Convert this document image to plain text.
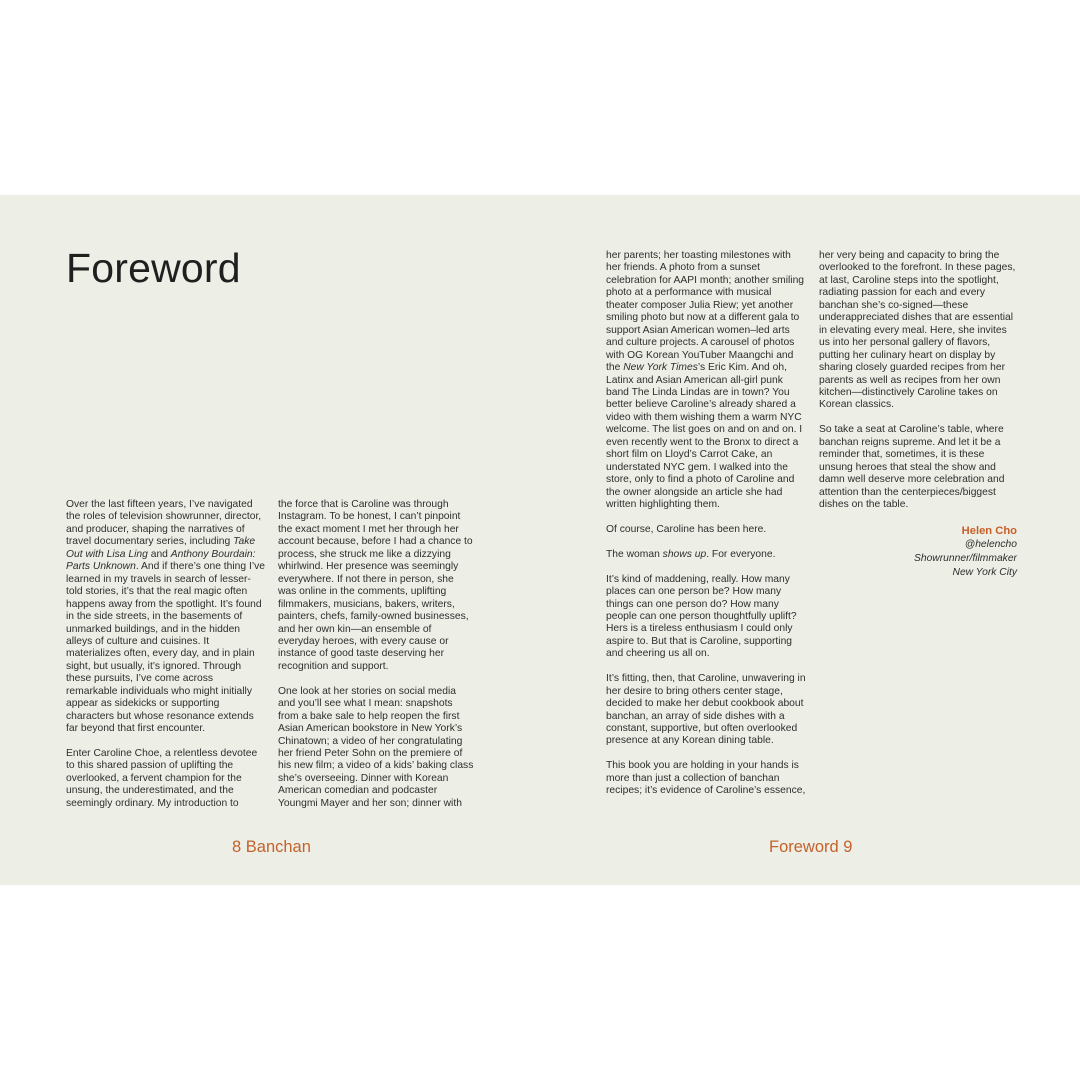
Foreword

Over the last fifteen years, I’ve navigated the roles of television showrunner, director, and producer, shaping the narratives of travel documentary series, including Take Out with Lisa Ling and Anthony Bourdain: Parts Unknown. And if there’s one thing I’ve learned in my travels in search of lesser-told stories, it’s that the real magic often happens away from the spotlight. It’s found in the side streets, in the basements of unmarked buildings, and in the hidden alleys of culture and cuisines. It materializes often, every day, and in plain sight, but usually, it’s ignored. Through these pursuits, I’ve come across remarkable individuals who might initially appear as sidekicks or supporting characters but whose resonance extends far beyond that first encounter.

Enter Caroline Choe, a relentless devotee to this shared passion of uplifting the overlooked, a fervent champion for the unsung, the underestimated, and the seemingly ordinary. My introduction to

the force that is Caroline was through Instagram. To be honest, I can’t pinpoint the exact moment I met her through her account because, before I had a chance to process, she struck me like a dizzying whirlwind. Her presence was seemingly everywhere. If not there in person, she was online in the comments, uplifting filmmakers, musicians, bakers, writers, painters, chefs, family-owned businesses, and her own kin—an ensemble of everyday heroes, with every cause or instance of good taste deserving her recognition and support.

One look at her stories on social media and you’ll see what I mean: snapshots from a bake sale to help reopen the first Asian American bookstore in New York’s Chinatown; a video of her congratulating her friend Peter Sohn on the premiere of his new film; a video of a kids’ baking class she’s overseeing. Dinner with Korean American comedian and podcaster Youngmi Mayer and her son; dinner with

her parents; her toasting milestones with her friends. A photo from a sunset celebration for AAPI month; another smiling photo at a performance with musical theater composer Julia Riew; yet another smiling photo but now at a different gala to support Asian American women–led arts and culture projects. A carousel of photos with OG Korean YouTuber Maangchi and the New York Times’s Eric Kim. And oh, Latinx and Asian American all-girl punk band The Linda Lindas are in town? You better believe Caroline’s already shared a video with them wishing them a warm NYC welcome. The list goes on and on and on. I even recently went to the Bronx to direct a short film on Lloyd’s Carrot Cake, an understated NYC gem. I walked into the store, only to find a photo of Caroline and the owner alongside an article she had written highlighting them.

Of course, Caroline has been here.

The woman shows up. For everyone.

It’s kind of maddening, really. How many places can one person be? How many things can one person do? How many people can one person thoughtfully uplift? Hers is a tireless enthusiasm I could only aspire to. But that is Caroline, supporting and cheering us all on.

It’s fitting, then, that Caroline, unwavering in her desire to bring others center stage, decided to make her debut cookbook about banchan, an array of side dishes with a constant, supportive, but often overlooked presence at any Korean dining table.

This book you are holding in your hands is more than just a collection of banchan recipes; it’s evidence of Caroline’s essence,

her very being and capacity to bring the overlooked to the forefront. In these pages, at last, Caroline steps into the spotlight, radiating passion for each and every banchan she’s co-signed—these underappreciated dishes that are essential in elevating every meal. Here, she invites us into her personal gallery of flavors, putting her culinary heart on display by sharing closely guarded recipes from her parents as well as recipes from her own kitchen—distinctively Caroline takes on Korean classics.

So take a seat at Caroline’s table, where banchan reigns supreme. And let it be a reminder that, sometimes, it is these unsung heroes that steal the show and damn well deserve more celebration and attention than the centerpieces/biggest dishes on the table.

Helen Cho
@helencho
Showrunner/filmmaker
New York City
8 Banchan	Foreword 9
